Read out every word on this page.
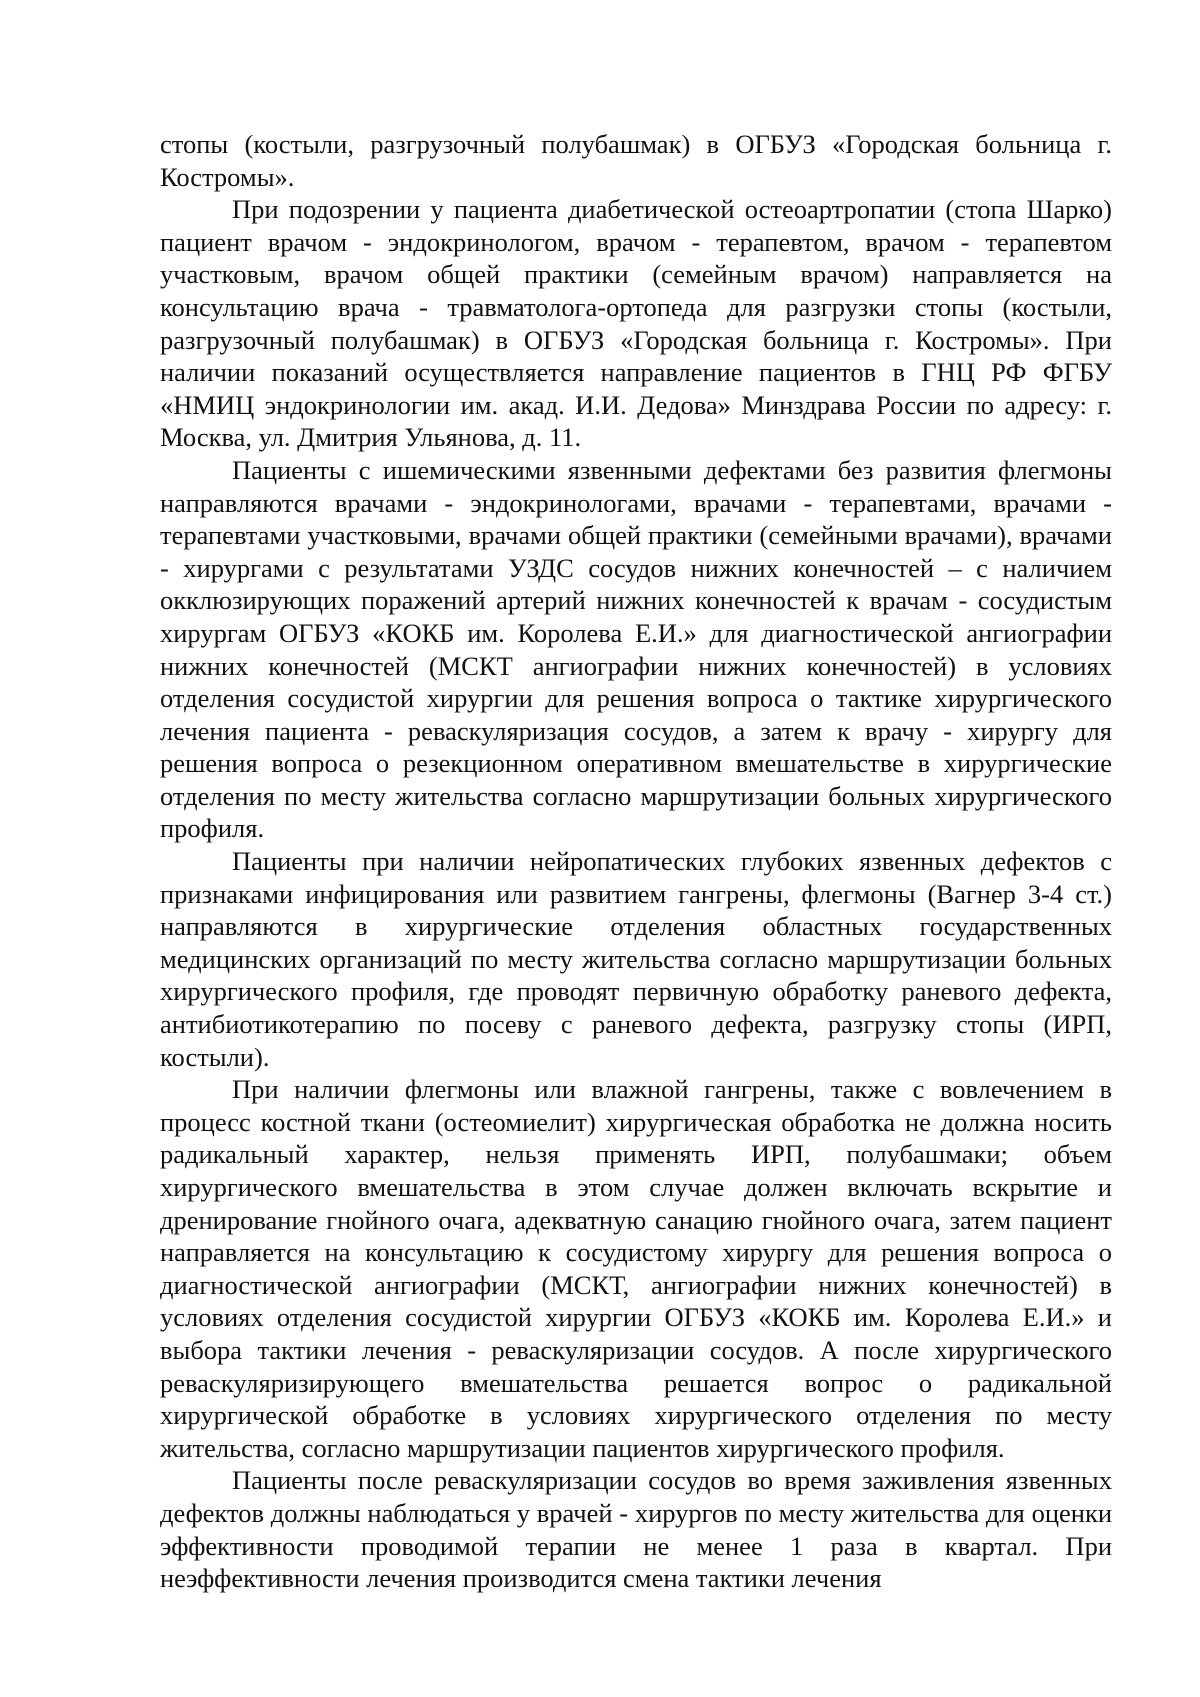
стопы (костыли, разгрузочный полубашмак) в ОГБУЗ «Городская больница г. Костромы».

При подозрении у пациента диабетической остеоартропатии (стопа Шарко) пациент врачом - эндокринологом, врачом - терапевтом, врачом - терапевтом участковым, врачом общей практики (семейным врачом) направляется на консультацию врача - травматолога-ортопеда для разгрузки стопы (костыли, разгрузочный полубашмак) в ОГБУЗ «Городская больница г. Костромы». При наличии показаний осуществляется направление пациентов в ГНЦ РФ ФГБУ «НМИЦ эндокринологии им. акад. И.И. Дедова» Минздрава России по адресу: г. Москва, ул. Дмитрия Ульянова, д. 11.

Пациенты с ишемическими язвенными дефектами без развития флегмоны направляются врачами - эндокринологами, врачами - терапевтами, врачами - терапевтами участковыми, врачами общей практики (семейными врачами), врачами - хирургами с результатами УЗДС сосудов нижних конечностей – с наличием окклюзирующих поражений артерий нижних конечностей к врачам - сосудистым хирургам ОГБУЗ «КОКБ им. Королева Е.И.» для диагностической ангиографии нижних конечностей (МСКТ ангиографии нижних конечностей) в условиях отделения сосудистой хирургии для решения вопроса о тактике хирургического лечения пациента - реваскуляризация сосудов, а затем к врачу - хирургу для решения вопроса о резекционном оперативном вмешательстве в хирургические отделения по месту жительства согласно маршрутизации больных хирургического профиля.

Пациенты при наличии нейропатических глубоких язвенных дефектов с признаками инфицирования или развитием гангрены, флегмоны (Вагнер 3-4 ст.) направляются в хирургические отделения областных государственных медицинских организаций по месту жительства согласно маршрутизации больных хирургического профиля, где проводят первичную обработку раневого дефекта, антибиотикотерапию по посеву с раневого дефекта, разгрузку стопы (ИРП, костыли).

При наличии флегмоны или влажной гангрены, также с вовлечением в процесс костной ткани (остеомиелит) хирургическая обработка не должна носить радикальный характер, нельзя применять ИРП, полубашмаки; объем хирургического вмешательства в этом случае должен включать вскрытие и дренирование гнойного очага, адекватную санацию гнойного очага, затем пациент направляется на консультацию к сосудистому хирургу для решения вопроса о диагностической ангиографии (МСКТ, ангиографии нижних конечностей) в условиях отделения сосудистой хирургии ОГБУЗ «КОКБ им. Королева Е.И.» и выбора тактики лечения - реваскуляризации сосудов. А после хирургического реваскуляризирующего вмешательства решается вопрос о радикальной хирургической обработке в условиях хирургического отделения по месту жительства, согласно маршрутизации пациентов хирургического профиля.

Пациенты после реваскуляризации сосудов во время заживления язвенных дефектов должны наблюдаться у врачей - хирургов по месту жительства для оценки эффективности проводимой терапии не менее 1 раза в квартал. При неэффективности лечения производится смена тактики лечения
